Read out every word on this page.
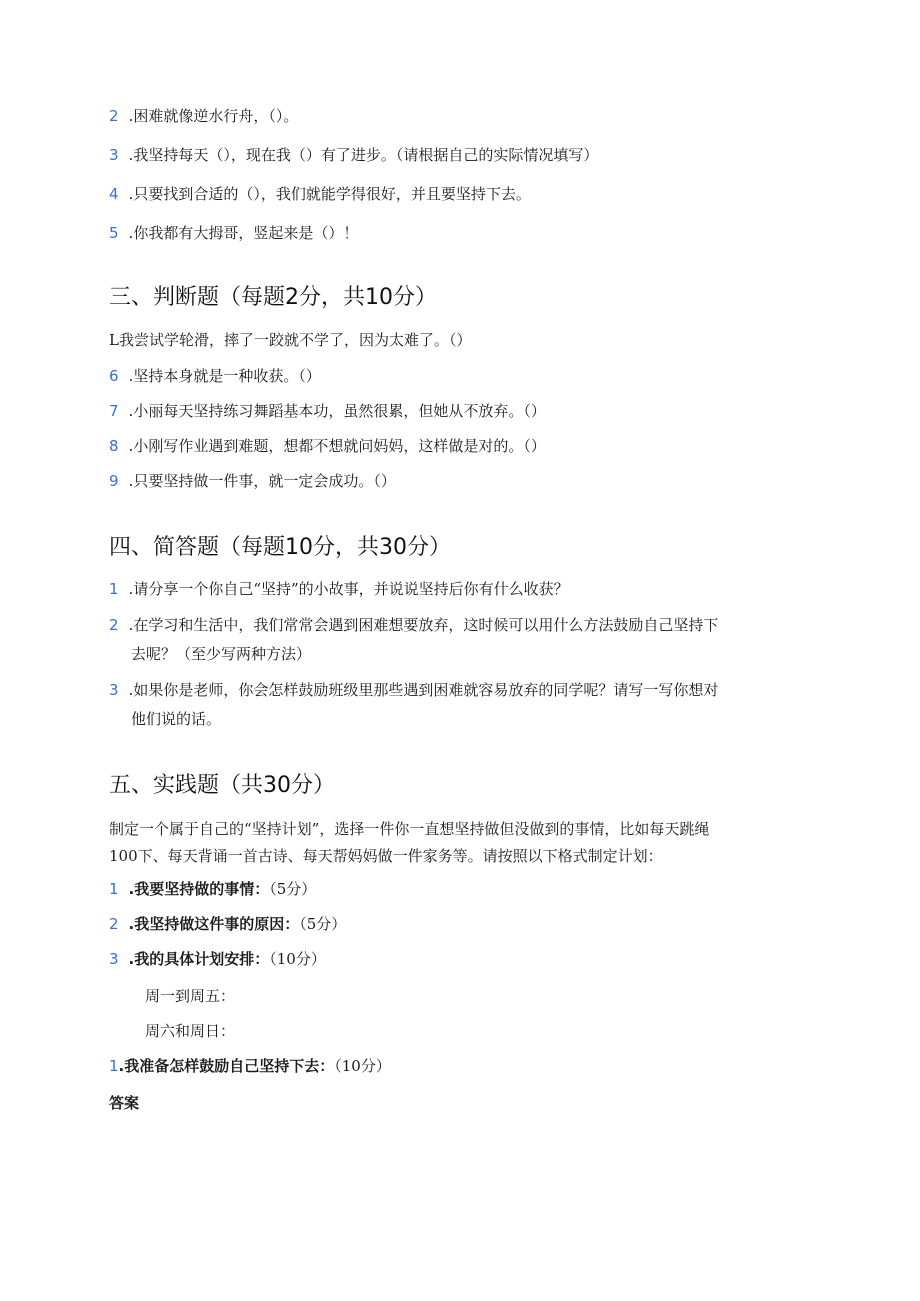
2 .困难就像逆水行舟，（）。
3 .我坚持每天（），现在我（）有了进步。（请根据自己的实际情况填写）
4 .只要找到合适的（），我们就能学得很好，并且要坚持下去。
5 .你我都有大拇哥，竖起来是（）！
三、判断题（每题2分，共10分）
L我尝试学轮滑，摔了一跤就不学了，因为太难了。（）
6 .坚持本身就是一种收获。（）
7 .小丽每天坚持练习舞蹈基本功，虽然很累，但她从不放弃。（）
8 .小刚写作业遇到难题，想都不想就问妈妈，这样做是对的。（）
9 .只要坚持做一件事，就一定会成功。（）
四、简答题（每题10分，共30分）
1 .请分享一个你自己“坚持”的小故事，并说说坚持后你有什么收获？
2 .在学习和生活中，我们常常会遇到困难想要放弃，这时候可以用什么方法鼓励自己坚持下
去呢？（至少写两种方法）
3 .如果你是老师，你会怎样鼓励班级里那些遇到困难就容易放弃的同学呢？请写一写你想对
他们说的话。
五、实践题（共30分）
制定一个属于自己的“坚持计划”，选择一件你一直想坚持做但没做到的事情，比如每天跳绳
100下、每天背诵一首古诗、每天帮妈妈做一件家务等。请按照以下格式制定计划：
1 .我要坚持做的事情：（5分）
2 .我坚持做这件事的原因：（5分）
3 .我的具体计划安排：（10分）
周一到周五：
周六和周日：
1.我准备怎样鼓励自己坚持下去：（10分）
答案
